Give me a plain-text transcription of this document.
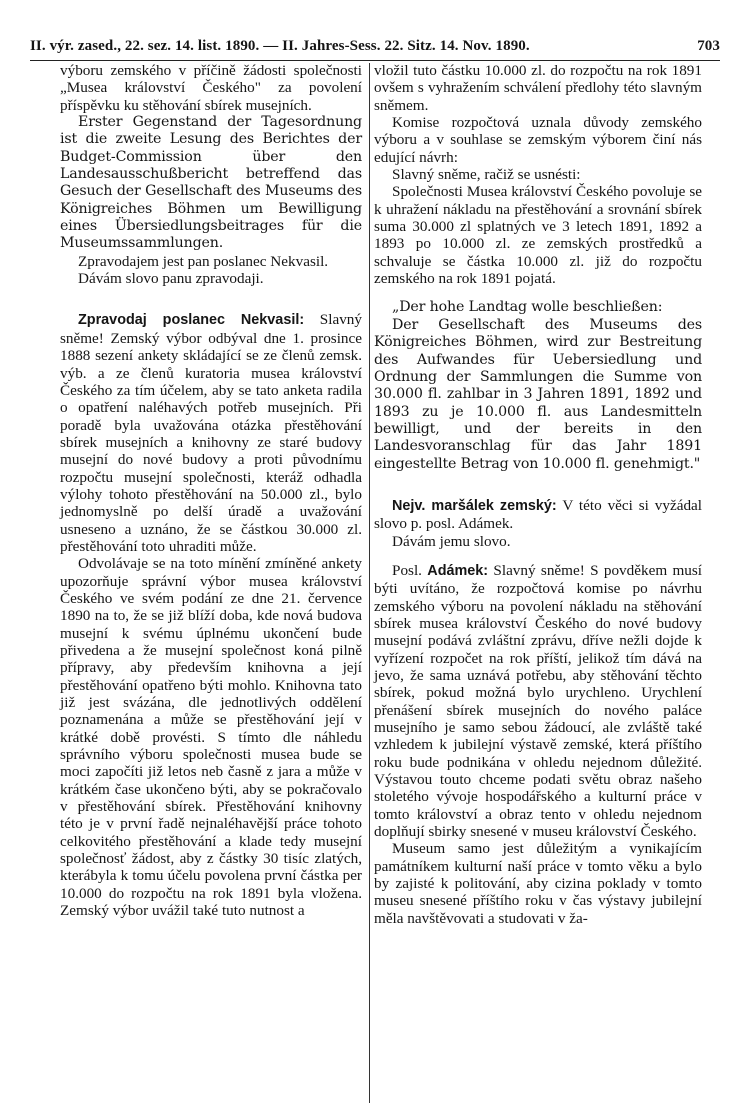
II. výr. zased., 22. sez. 14. list. 1890. — II. Jahres-Sess. 22. Sitz. 14. Nov. 1890.	703

výboru zemského v příčině žádosti společnosti „Musea království Českého" za povolení příspěvku ku stěhování sbírek musejních.

Erster Gegenstand der Tagesordnung ist die zweite Lesung des Berichtes der Budget-Commission über den Landesausschußbericht betreffend das Gesuch der Gesellschaft des Museums des Königreiches Böhmen um Bewilligung eines Übersiedlungsbeitrages für die Museumssammlungen.

Zpravodajem jest pan poslanec Nekvasil.

Dávám slovo panu zpravodaji.

Zpravodaj poslanec Nekvasil: Slavný sněme! Zemský výbor odbýval dne 1. prosince 1888 sezení ankety skládající se ze členů zemsk. výb. a ze členů kuratoria musea království Českého za tím účelem, aby se tato anketa radila o opatření naléhavých potřeb musejních. Při poradě byla uvažována otázka přestěhování sbírek musejních a knihovny ze staré budovy musejní do nové budovy a proti původnímu rozpočtu musejní společnosti, kteráž odhadla výlohy tohoto přestěhování na 50.000 zl., bylo jednomyslně po delší úradě a uvažování usneseno a uznáno, že se částkou 30.000 zl. přestěhování toto uhraditi může.

Odvolávaje se na toto mínění zmíněné ankety upozorňuje správní výbor musea království Českého ve svém podání ze dne 21. července 1890 na to, že se již blíží doba, kde nová budova musejní k svému úplnému ukončení bude přivedena a že musejní společnost koná pilně přípravy, aby především knihovna a její přestěhování opatřeno býti mohlo. Knihovna tato již jest svázána, dle jednotlivých oddělení poznamenána a může se přestěhování její v krátké době provésti. S tímto dle náhledu správního výboru společnosti musea bude se moci započíti již letos neb časně z jara a může v krátkém čase ukončeno býti, aby se pokračovalo v přestěhování sbírek. Přestěhování knihovny této je v první řadě nejnaléhavější práce tohoto celkovitého přestěhování a klade tedy musejní společnosť žádost, aby z částky 30 tisíc zlatých, kterábyla k tomu účelu povolena první částka per 10.000 do rozpočtu na rok 1891 byla vložena. Zemský výbor uvážil také tuto nutnost a

vložil tuto částku 10.000 zl. do rozpočtu na rok 1891 ovšem s vyhražením schválení předlohy této slavným sněmem.

Komise rozpočtová uznala důvody zemského výboru a v souhlase se zemským výborem činí nás edující návrh:

Slavný sněme, račiž se usnésti:

Společnosti Musea království Českého povoluje se k uhražení nákladu na přestěhování a srovnání sbírek suma 30.000 zl splatných ve 3 letech 1891, 1892 a 1893 po 10.000 zl. ze zemských prostředků a schvaluje se částka 10.000 zl. již do rozpočtu zemského na rok 1891 pojatá.

„Der hohe Landtag wolle beschließen:

Der Gesellschaft des Museums des Königreiches Böhmen, wird zur Bestreitung des Aufwandes für Uebersiedlung und Ordnung der Sammlungen die Summe von 30.000 fl. zahlbar in 3 Jahren 1891, 1892 und 1893 zu je 10.000 fl. aus Landesmitteln bewilligt, und der bereits in den Landesvoranschlag für das Jahr 1891 eingestellte Betrag von 10.000 fl. genehmigt."

Nejv. maršálek zemský: V této věci si vyžádal slovo p. posl. Adámek.

Dávám jemu slovo.

Posl. Adámek: Slavný sněme! S povděkem musí býti uvítáno, že rozpočtová komise po návrhu zemského výboru na povolení nákladu na stěhování sbírek musea království Českého do nové budovy musejní podává zvláštní zprávu, dříve nežli dojde k vyřízení rozpočet na rok příští, jelikož tím dává na jevo, že sama uznává potřebu, aby stěhování těchto sbírek, pokud možná bylo urychleno. Urychlení přenášení sbírek musejních do nového paláce musejního je samo sebou žádoucí, ale zvláště také vzhledem k jubilejní výstavě zemské, která příštího roku bude podnikána v ohledu nejednom důležité. Výstavou touto chceme podati světu obraz našeho stoletého vývoje hospodářského a kulturní práce v tomto království a obraz tento v ohledu nejednom doplňují sbirky snesené v museu království Českého.

Museum samo jest důležitým a vynikajícím památníkem kulturní naší práce v tomto věku a bylo by zajisté k politování, aby cizina poklady v tomto museu snesené příštího roku v čas výstavy jubilejní měla navštěvovati a studovati v ža-
